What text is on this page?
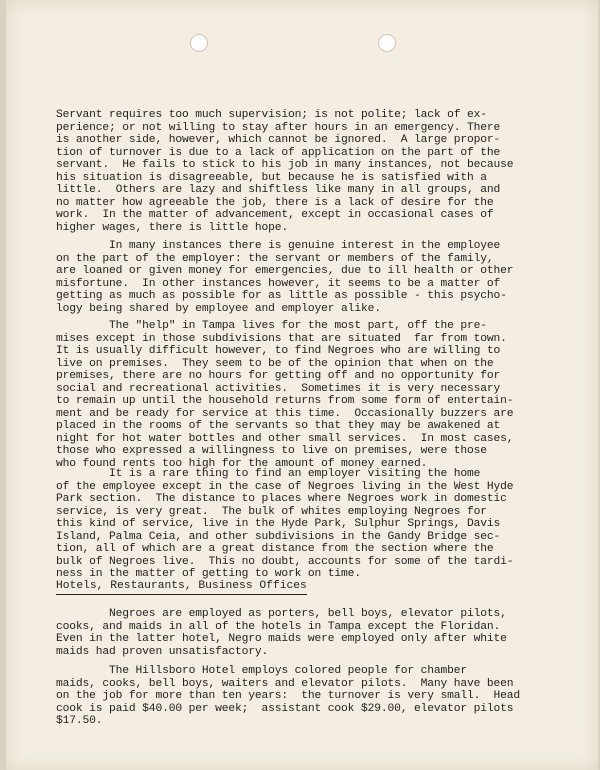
Servant requires too much supervision; is not polite; lack of ex-
perience; or not willing to stay after hours in an emergency. There
is another side, however, which cannot be ignored.  A large propor-
tion of turnover is due to a lack of application on the part of the
servant.  He fails to stick to his job in many instances, not because
his situation is disagreeable, but because he is satisfied with a
little.  Others are lazy and shiftless like many in all groups, and
no matter how agreeable the job, there is a lack of desire for the
work.  In the matter of advancement, except in occasional cases of
higher wages, there is little hope.
In many instances there is genuine interest in the employee
on the part of the employer: the servant or members of the family,
are loaned or given money for emergencies, due to ill health or other
misfortune.  In other instances however, it seems to be a matter of
getting as much as possible for as little as possible - this psycho-
logy being shared by employee and employer alike.
The "help" in Tampa lives for the most part, off the pre-
mises except in those subdivisions that are situated  far from town.
It is usually difficult however, to find Negroes who are willing to
live on premises.  They seem to be of the opinion that when on the
premises, there are no hours for getting off and no opportunity for
social and recreational activities.  Sometimes it is very necessary
to remain up until the household returns from some form of entertain-
ment and be ready for service at this time.  Occasionally buzzers are
placed in the rooms of the servants so that they may be awakened at
night for hot water bottles and other small services.  In most cases,
those who expressed a willingness to live on premises, were those
who found rents too high for the amount of money earned.
It is a rare thing to find an employer visiting the home
of the employee except in the case of Negroes living in the West Hyde
Park section.  The distance to places where Negroes work in domestic
service, is very great.  The bulk of whites employing Negroes for
this kind of service, live in the Hyde Park, Sulphur Springs, Davis
Island, Palma Ceia, and other subdivisions in the Gandy Bridge sec-
tion, all of which are a great distance from the section where the
bulk of Negroes live.  This no doubt, accounts for some of the tardi-
ness in the matter of getting to work on time.
Hotels, Restaurants, Business Offices
Negroes are employed as porters, bell boys, elevator pilots,
cooks, and maids in all of the hotels in Tampa except the Floridan.
Even in the latter hotel, Negro maids were employed only after white
maids had proven unsatisfactory.
The Hillsboro Hotel employs colored people for chamber
maids, cooks, bell boys, waiters and elevator pilots.  Many have been
on the job for more than ten years:  the turnover is very small.  Head
cook is paid $40.00 per week;  assistant cook $29.00, elevator pilots
$17.50.
